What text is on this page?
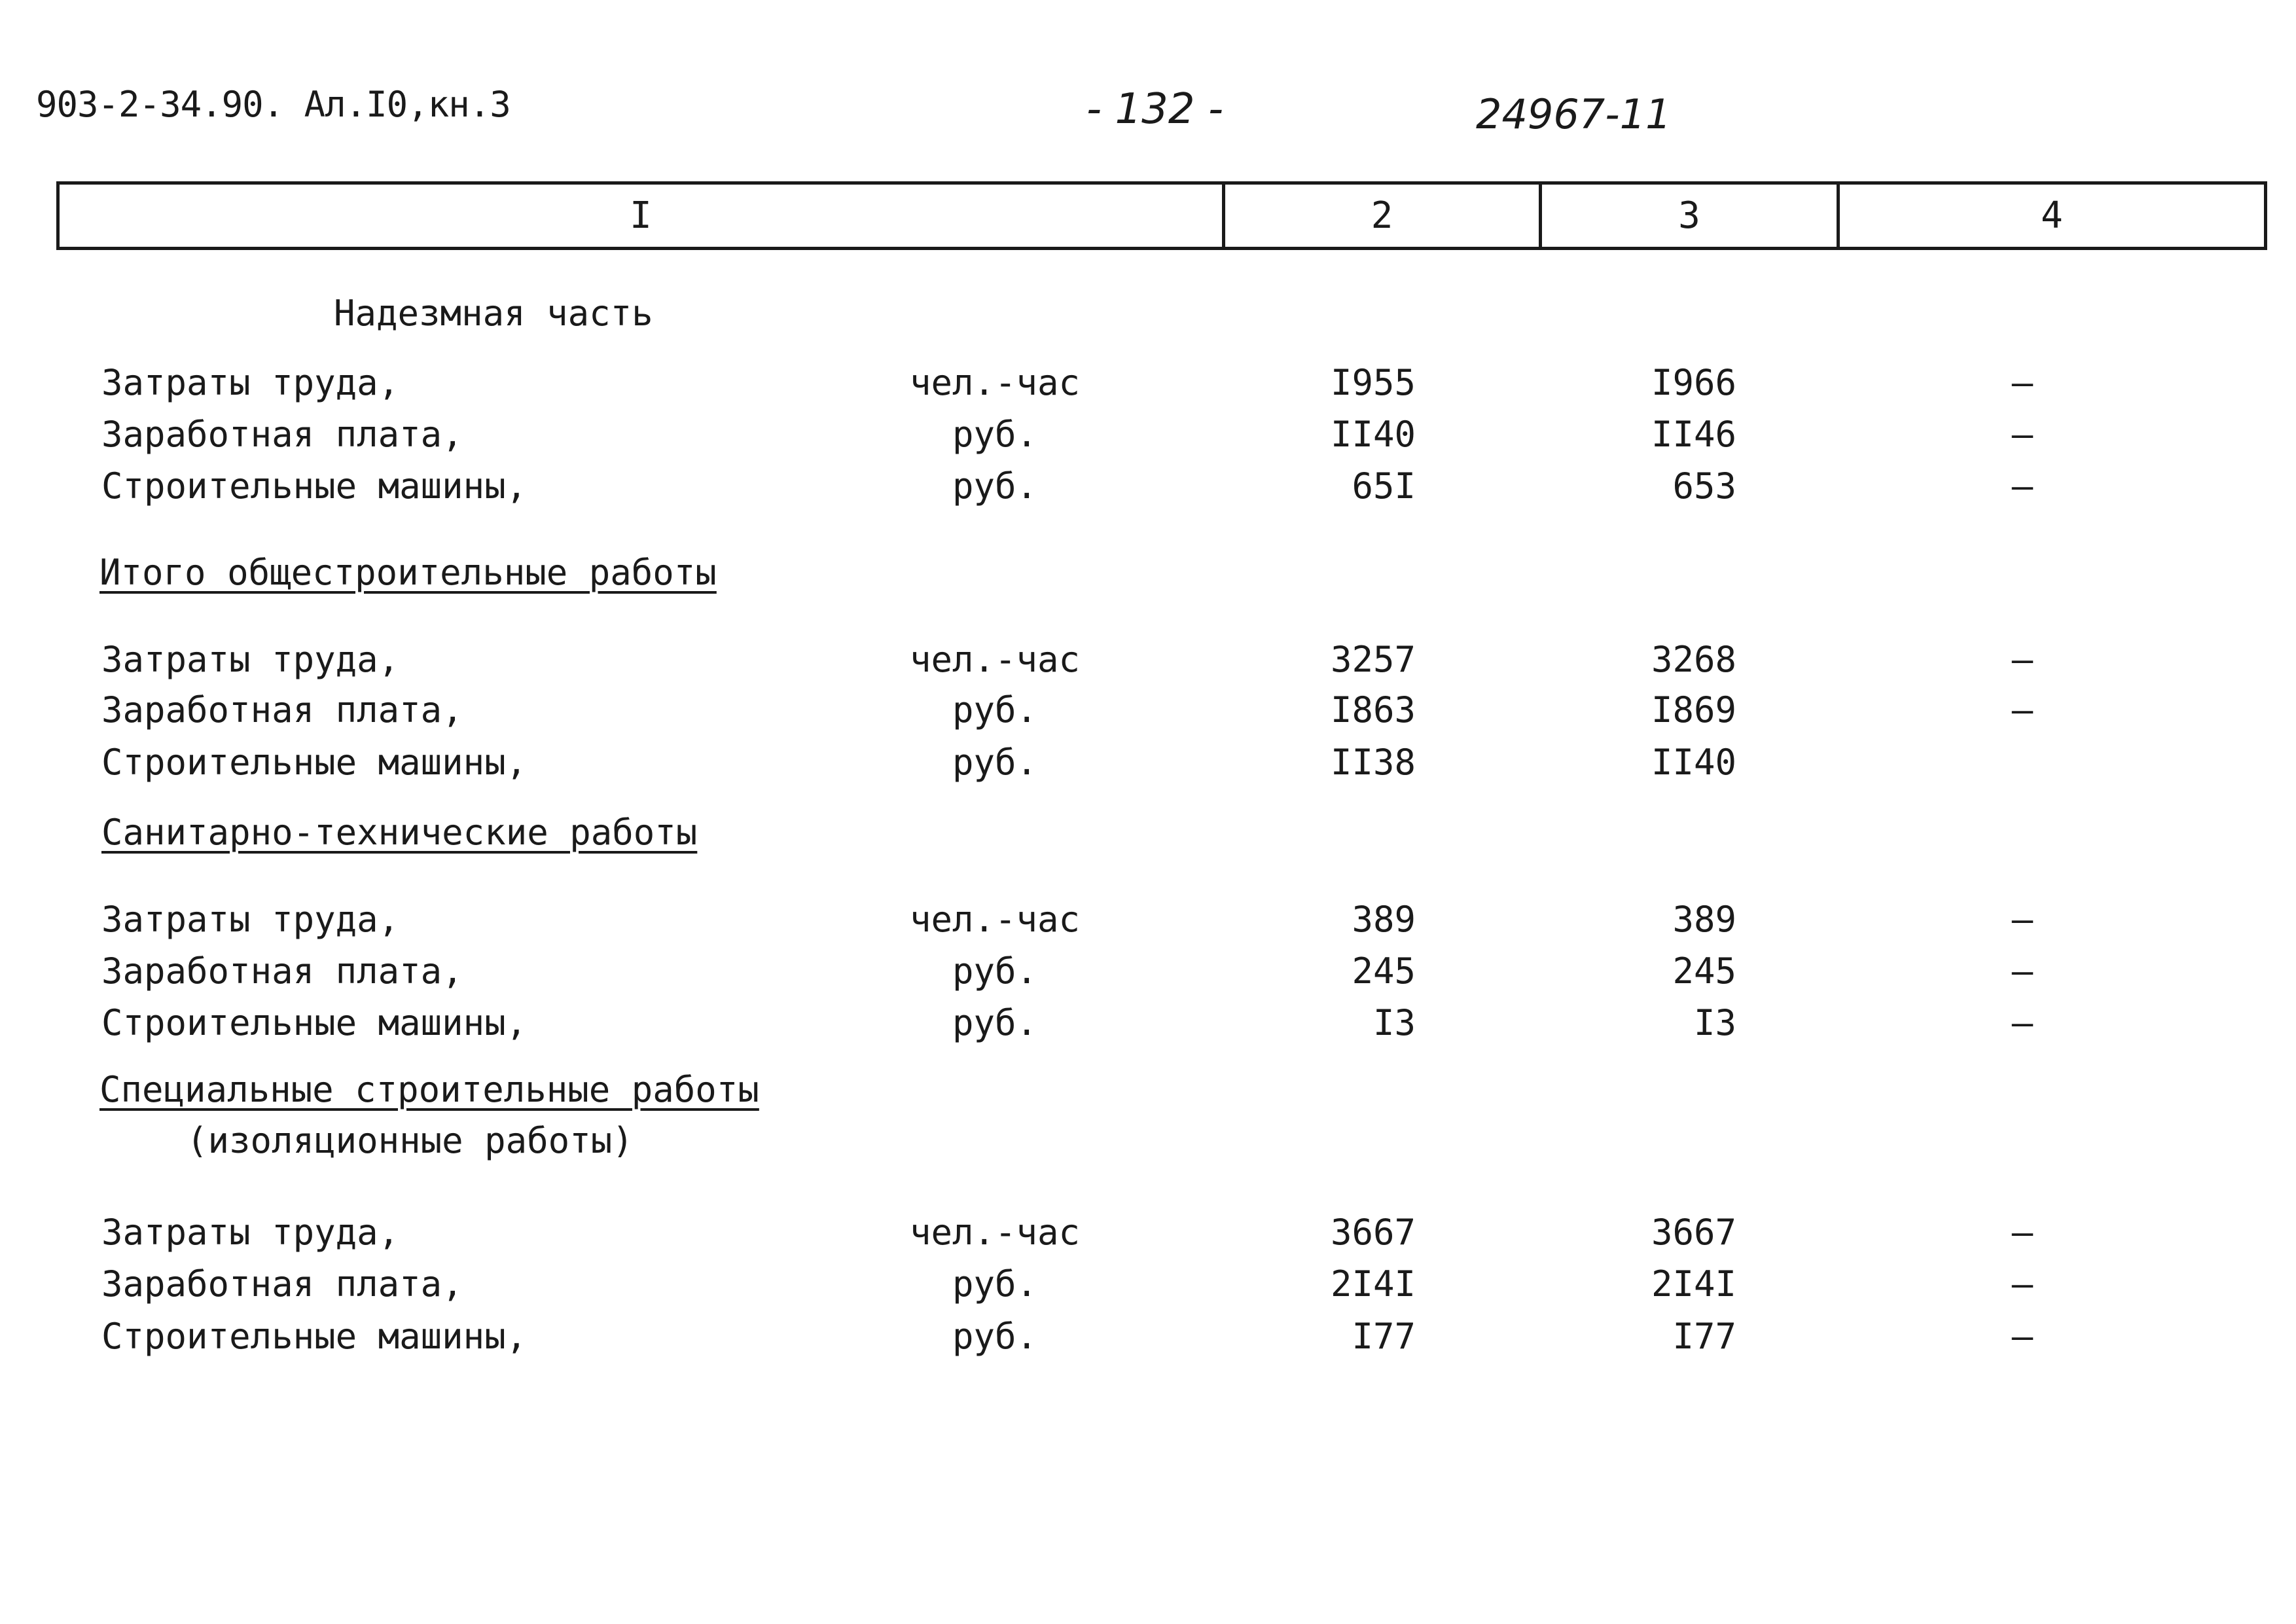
903-2-34.90. Ал.I0,кн.3	- 132 -	24967-11
I	2	3	4
Надезмная часть
Затраты труда,	чел.-час	I955	I966	–
Заработная плата,	руб.	II40	II46	–
Строительные машины,	руб.	65I	653	–
Итого общестроительные работы
Затраты труда,	чел.-час	3257	3268	–
Заработная плата,	руб.	I863	I869	–
Строительные машины,	руб.	II38	II40
Санитарно-технические работы
Затраты труда,	чел.-час	389	389	–
Заработная плата,	руб.	245	245	–
Строительные машины,	руб.	I3	I3	–
Специальные строительные работы
(изоляционные работы)
Затраты труда,	чел.-час	3667	3667	–
Заработная плата,	руб.	2I4I	2I4I	–
Строительные машины,	руб.	I77	I77	–
